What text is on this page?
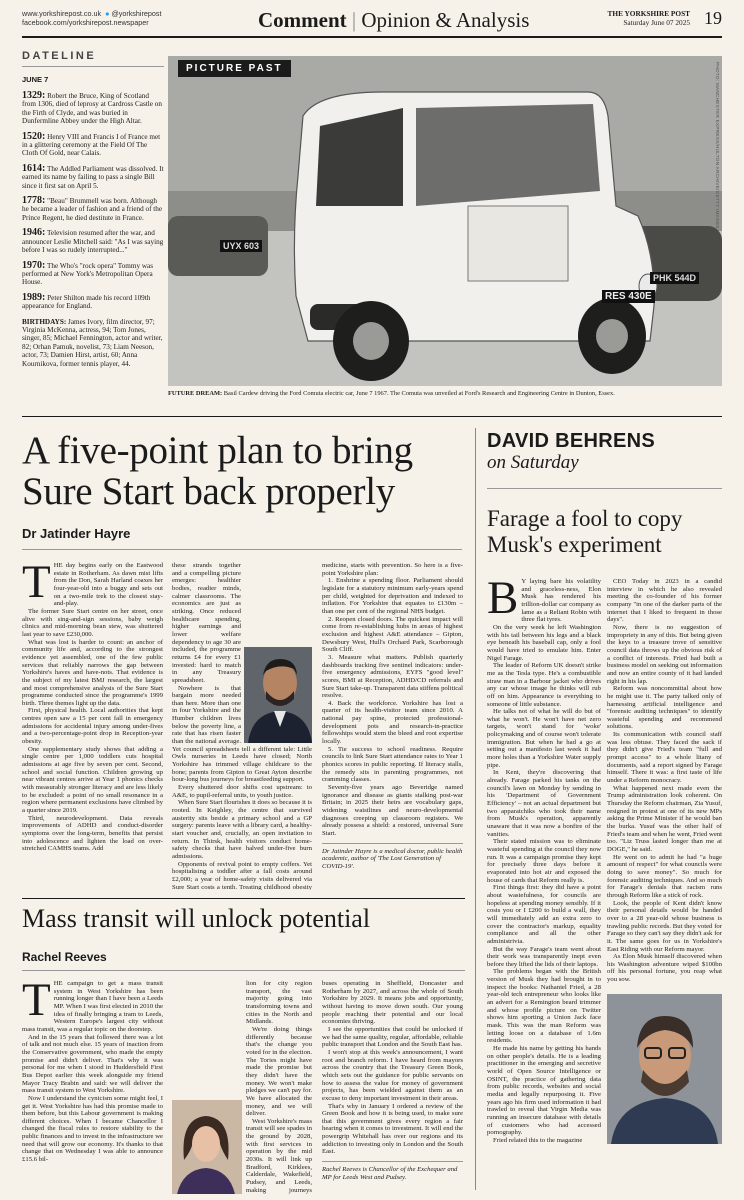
www.yorkshirepost.co.uk ● @yorkshirepost
facebook.com/yorkshirepost.newspaper	Comment | Opinion & Analysis	THE YORKSHIRE POST
Saturday June 07 2025 19
DATELINE
JUNE 7
1329: Robert the Bruce, King of Scotland from 1306, died of leprosy at Cardross Castle on the Firth of Clyde, and was buried in Dunfermline Abbey under the High Altar.
1520: Henry VIII and Francis I of France met in a glittering ceremony at the Field Of The Cloth Of Gold, near Calais.
1614: The Addled Parliament was dissolved. It earned its name by failing to pass a single Bill since it first sat on April 5.
1778: "Beau" Brummell was born. Although he became a leader of fashion and a friend of the Prince Regent, he died destitute in France.
1946: Television resumed after the war, and announcer Leslie Mitchell said: "As I was saying before I was so rudely interrupted..."
1970: The Who's "rock opera" Tommy was performed at New York's Metropolitan Opera House.
1989: Peter Shilton made his record 109th appearance for England.
BIRTHDAYS: James Ivory, film director, 97; Virginia McKenna, actress, 94; Tom Jones, singer, 85; Michael Fennington, actor and writer, 82; Orhan Pamuk, novelist, 73; Liam Neeson, actor, 73; Damien Hirst, artist, 60; Anna Kournikova, former tennis player, 44.
PICTURE PAST
RES 430E
UYX 603
PHK 544D
PHOTO: MANCHESTER EXPRESS/HULTON ARCHIVE/GETTY IMAGES
FUTURE DREAM: Basil Cardew driving the Ford Comuta electric car, June 7 1967. The Comuta was unveiled at Ford's Research and Engineering Centre in Dunton, Essex.
A five-point plan to bring Sure Start back properly
Dr Jatinder Hayre
T HE day begins early on the Eastwood estate in Rotherham. As dawn mist lifts from the Don, Sarah Harland coaxes her four-year-old into a buggy and sets out on a two-mile trek to the closest stay-and-play.

The former Sure Start centre on her street, once alive with sing-and-sign sessions, baby weigh clinics and mid-morning bean stew, was shuttered last year to save £230,000.

What was lost is harder to count: an anchor of community life and, according to the strongest evidence yet assembled, one of the few public services that reliably narrows the gap between Yorkshire's haves and have-nots. That evidence is the subject of my latest BMJ research, the largest and most comprehensive analysis of the Sure Start programme conducted since the programme's 1999 birth. Three themes light up the data.

First, physical health. Local authorities that kept centres open saw a 15 per cent fall in emergency admissions for accidental injury among under-fives and a two-percentage-point drop in Reception-year obesity.

One supplementary study shows that adding a single centre per 1,000 toddlers cuts hospital admissions at age five by seven per cent. Second, school and social function. Children growing up near vibrant centres arrive at Year 1 phonics checks with measurably stronger literacy and are less likely to be excluded: a point of no small resonance in a region where permanent exclusions have climbed by a quarter since 2019.

Third, neurodevelopment. Data reveals improvements of ADHD and conduct-disorder symptoms over the long-term, benefits that persist into adolescence and lighten the load on over-stretched CAMHS teams. Add

these strands together and a compelling picture emerges: healthier bodies, readier minds, calmer classrooms. The economics are just as striking. Once reduced healthcare spending, higher earnings and lower welfare dependency to age 30 are included, the programme returns £4 for every £1 invested: hard to match in any Treasury spreadsheet.

Nowhere is that bargain more needed than here. More than one in four Yorkshire and the Humber children lives below the poverty line, a rate that has risen faster than the national average. Yet council spreadsheets tell a different tale: Little Owls nurseries in Leeds have closed; North Yorkshire has trimmed village childcare to the bone; parents from Gipton to Great Ayton describe hour-long bus journeys for breastfeeding support.

Every shuttered door shifts cost upstream: to A&E, to pupil-referral units, to youth justice.

When Sure Start flourishes it does so because it is rooted. In Keighley, the centre that survived austerity sits beside a primary school and a GP surgery: parents leave with a library card, a healthy-start voucher and, crucially, an open invitation to return. In Thirsk, health visitors conduct home-safety checks that have halved under-five burn admissions.

Opponents of revival point to empty coffers. Yet hospitalising a toddler after a fall costs around £2,000; a year of home-safety visits delivered via Sure Start costs a tenth. Treating childhood obesity

medicine, starts with prevention. So here is a five-point Yorkshire plan:

1. Enshrine a spending floor. Parliament should legislate for a statutory minimum early-years spend per child, weighted for deprivation and indexed to inflation. For Yorkshire that equates to £130m – than one per cent of the regional NHS budget.

2. Reopen closed doors. The quickest impact will come from re-establishing hubs in areas of highest exclusion and highest A&E attendance – Gipton, Dewsbury West, Hull's Orchard Park, Scarborough South Cliff.

3. Measure what matters. Publish quarterly dashboards tracking five sentinel indicators: under-five emergency admissions, EYFS "good level" scores, BMI at Reception, ADHD/CD referrals and Sure Start take-up. Transparent data stiffens political resolve.

4. Back the workforce. Yorkshire has lost a quarter of its health-visitor team since 2010. A national pay spine, protected professional-development pots and research-in-practice fellowships would stem the bleed and root expertise locally.

5. Tie success to school readiness. Require councils to link Sure Start attendance rates to Year 1 phonics scores in public reporting. If literacy stalls, the remedy sits in parenting programmes, not cramming classes.

Seventy-five years ago Beveridge named ignorance and disease as giants stalking post-war Britain; in 2025 their heirs are vocabulary gaps, widening waistlines and neuro-developmental diagnoses creeping up classroom registers. We already possess a shield: a restored, universal Sure Start.

Dr Jatinder Hayre is a medical doctor, public health academic, author of 'The Lost Generation of COVID-19'.
Mass transit will unlock potential
Rachel Reeves
T HE campaign to get a mass transit system in West Yorkshire has been running longer than I have been a Leeds MP. When I was first elected in 2010 the idea of finally bringing a tram to Leeds, Western Europe's largest city without mass transit, was a regular topic on the doorstep.

And in the 15 years that followed there was a lot of talk and not much else. 15 years of inaction from the Conservative government, who made the empty promise and didn't deliver. That's why it was personal for me when I stood in Huddersfield First Bus Depot earlier this week alongside my friend Mayor Tracy Brabin and said: we will deliver the mass transit system to West Yorkshire.

Now I understand the cynicism some might feel, I get it. West Yorkshire has had this promise made to them before, but this Labour government is making different choices. When I became Chancellor I changed the fiscal rules to restore stability to the public finances and to invest in the infrastructure we need that will grow our economy. It's thanks to that change that on Wednesday I was able to announce £15.6 bil-

lion for city region transport, the vast majority going into transforming towns and cities in the North and Midlands.

We're doing things differently because that's the change you voted for in the election. The Tories might have made the promise but they didn't have the money. We won't make pledges we can't pay for. We have allocated the money, and we will deliver.

West Yorkshire's mass transit will see spades in the ground by 2028, with first services in operation by the mid 2030s. It will link up Bradford, Kirklees, Calderdale, Wakefield, Pudsey, and Leeds, making journeys

buses operating in Sheffield, Doncaster and Rotherham by 2027, and across the whole of South Yorkshire by 2029. It means jobs and opportunity, without having to move down south. Our young people reaching their potential and our local economies thriving.

I see the opportunities that could be unlocked if we had the same quality, regular, affordable, reliable public transport that London and the South East has.

I won't stop at this week's announcement, I want root and branch reform. I have heard from mayors across the country that the Treasury Green Book, which sets out the guidance for public servants on how to assess the value for money of government projects, has been wielded against them as an excuse to deny important investment in their areas.

That's why in January I ordered a review of the Green Book and how it is being used, to make sure that this government gives every region a fair hearing when it comes to investment. It will end the powergrip Whitehall has over our regions and its addiction to investing only in London and the South East.

Rachel Reeves is Chancellor of the Exchequer and MP for Leeds West and Pudsey.
DAVID BEHRENS
on Saturday
Farage a fool to copy Musk's experiment
B Y laying bare his volatility and graceless-ness, Elon Musk has rendered his trillion-dollar car company as lame as a Reliant Robin with three flat tyres.

On the very week he left Washington with his tail between his legs and a black eye beneath his baseball cap, only a fool would have tried to emulate him. Enter Nigel Farage.

The leader of Reform UK doesn't strike me as the Tesla type. He's a combustible straw man in a Barbour jacket who drives any car whose image he thinks will rub off on him. Appearance is everything to someone of little substance.

He talks not of what he will do but of what he won't. He won't have net zero targets, won't stand for 'woke' policymaking and of course won't tolerate immigration. But when he had a go at setting out a manifesto last week it had more holes than a Yorkshire Water supply pipe.

In Kent, they're discovering that already. Farage parked his tanks on the council's lawn on Monday by sending in his 'Department of Government Efficiency' – not an actual department but two apparatchiks who took their name from Musk's operation, apparently unaware that it was now a bonfire of the vanities.

Their stated mission was to eliminate wasteful spending at the council they now run. It was a campaign promise they kept for precisely three days before it evaporated into hot air and exposed the house of cards that Reform really is.

First things first: they did have a point about wastefulness, for councils are hopeless at spending money sensibly. If it costs you or I £200 to build a wall, they will immediately add an extra zero to cover the contractor's markup, equality compliance and all the other administrivia.

But the way Farage's team went about their work was transparently inept even before they lifted the lids of their laptops.

The problems began with the British version of Musk they had brought in to inspect the books: Nathaniel Fried, a 28 year-old tech entrepreneur who looks like an advert for a Remington beard trimmer and whose profile picture on Twitter shows him sporting a Union Jack face mask. This was the man Reform was letting loose on a database of 1.6m residents.

He made his name by getting his hands on other people's details. He is a leading practitioner in the emerging and secretive world of Open Source Intelligence or OSINT, the practice of gathering data from public records, websites and social media and legally repurposing it. Five years ago his firm used information it had trawled to reveal that Virgin Media was running an insecure database with details of customers who had accessed pornography.

Fried related this to the magazine

CEO Today in 2023 in a candid interview in which he also revealed meeting the co-founder of his former company "in one of the darker parts of the internet that I liked to frequent in those days".

Now, there is no suggestion of impropriety in any of this. But being given the keys to a treasure trove of sensitive council data throws up the obvious risk of a conflict of interests. Fried had built a business model on seeking out information and now an entire county of it had landed right in his lap.

Reform was noncommittal about how he might use it. The party talked only of harnessing artificial intelligence and "forensic auditing techniques" to identify wasteful spending and recommend solutions.

Its communication with council staff was less obtuse. They faced the sack if they didn't give Fried's team "full and prompt access" to a whole litany of documents, said a report signed by Farage himself. There it was: a first taste of life under a Reform monocracy.

What happened next made even the Trump administration look coherent. On Thursday the Reform chairman, Zia Yusuf, resigned in protest at one of its new MPs asking the Prime Minister if he would ban the burka. Yusuf was the other half of Fried's team and when he went, Fried went too. "Liz Truss lasted longer than me at DOGE," he said.

He went on to admit he had "a huge amount of respect" for what councils were doing to save money". So much for forensic auditing techniques. And so much for Farage's denials that racism runs through Reform like a stick of rock.

Look, the people of Kent didn't know their personal details would be handed over to a 28 year-old whose business is trawling public records. But they voted for Farage so they can't say they didn't ask for it. The same goes for us in Yorkshire's East Riding with our Reform mayor.

As Elon Musk himself discovered when his Washington adventure wiped $100bn off his personal fortune, you reap what you sow.
